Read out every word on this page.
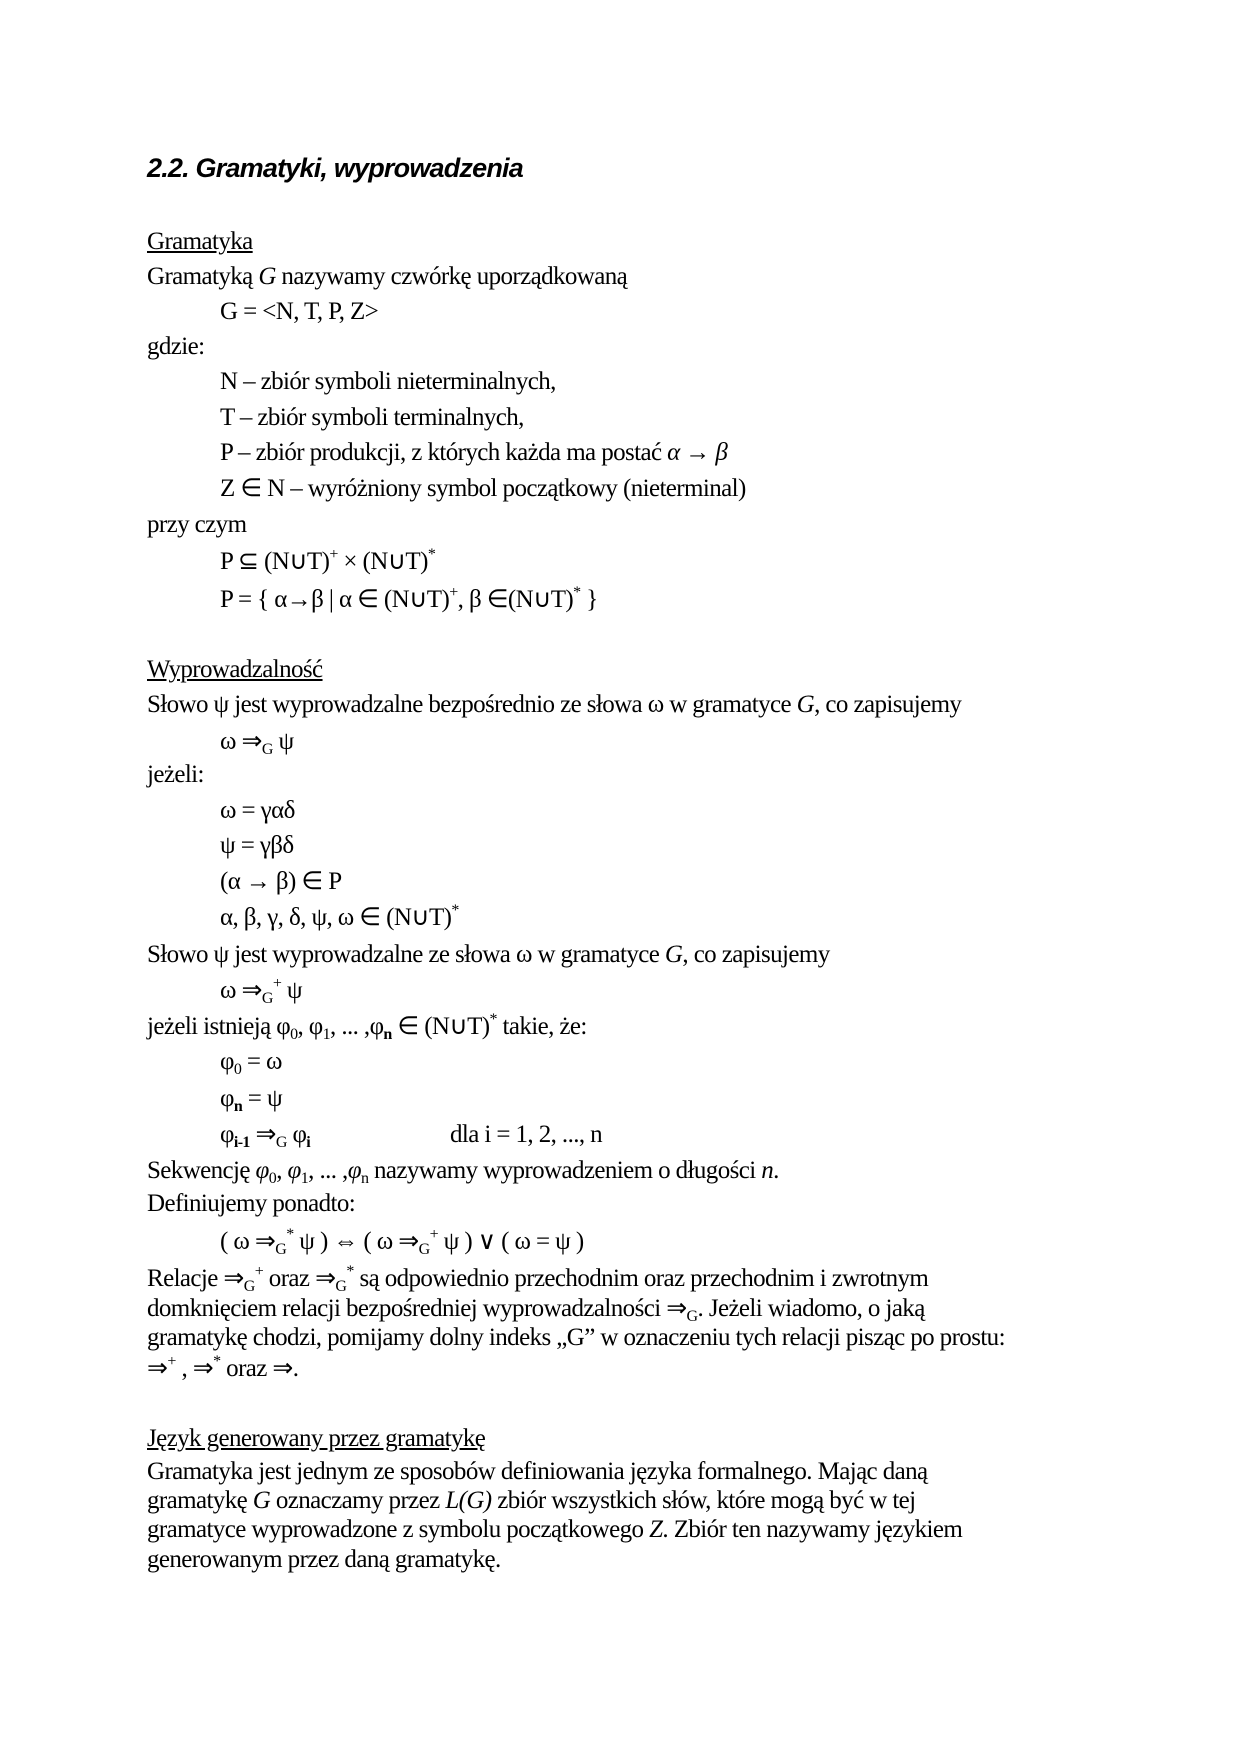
2.2. Gramatyki, wyprowadzenia
Gramatyka
Gramatyką G nazywamy czwórkę uporządkowaną
G = <N, T, P, Z>
gdzie:
N – zbiór symboli nieterminalnych,
T – zbiór symboli terminalnych,
P – zbiór produkcji, z których każda ma postać α → β
Z ∈ N – wyróżniony symbol początkowy (nieterminal)
przy czym
P ⊆ (N∪T)+ × (N∪T)*
P = { α→β | α ∈ (N∪T)+, β ∈(N∪T)* }
Wyprowadzalność
Słowo ψ jest wyprowadzalne bezpośrednio ze słowa ω w gramatyce G, co zapisujemy
ω $\Rightarrow_G$ ψ
jeżeli:
ω = γαδ
ψ = γβδ
(α → β) ∈ P
α, β, γ, δ, ψ, ω ∈ (N∪T)*
Słowo ψ jest wyprowadzalne ze słowa ω w gramatyce G, co zapisujemy
ω $\Rightarrow_G^+$ ψ
jeżeli istnieją $\varphi_0$, $\varphi_1$, ... $,\varphi_n$ ∈ (N∪T)* takie, że:
$\varphi_0 = \omega$
$\varphi_n = \psi$
$\varphi_{i-1}$ $\Rightarrow_G$ $\varphi_i$	dla i = 1, 2, ..., n
Sekwencję $\varphi_0$, $\varphi_1$, ... $,\varphi_n$ nazywamy wyprowadzeniem o długości n.
Definiujemy ponadto:
( ω $\Rightarrow_G^*$ ψ ) ⇔ ( ω $\Rightarrow_G^+$ ψ ) ∨ ( ω = ψ )
Relacje $\Rightarrow_G^+$ oraz $\Rightarrow_G^*$ są odpowiednio przechodnim oraz przechodnim i zwrotnym
domknięciem relacji bezpośredniej wyprowadzalności $\Rightarrow_G$. Jeżeli wiadomo, o jaką
gramatykę chodzi, pomijamy dolny indeks „G” w oznaczeniu tych relacji pisząc po prostu:
⇒+ , ⇒* oraz ⇒.
Język generowany przez gramatykę
Gramatyka jest jednym ze sposobów definiowania języka formalnego. Mając daną
gramatykę G oznaczamy przez L(G) zbiór wszystkich słów, które mogą być w tej
gramatyce wyprowadzone z symbolu początkowego Z. Zbiór ten nazywamy językiem
generowanym przez daną gramatykę.
